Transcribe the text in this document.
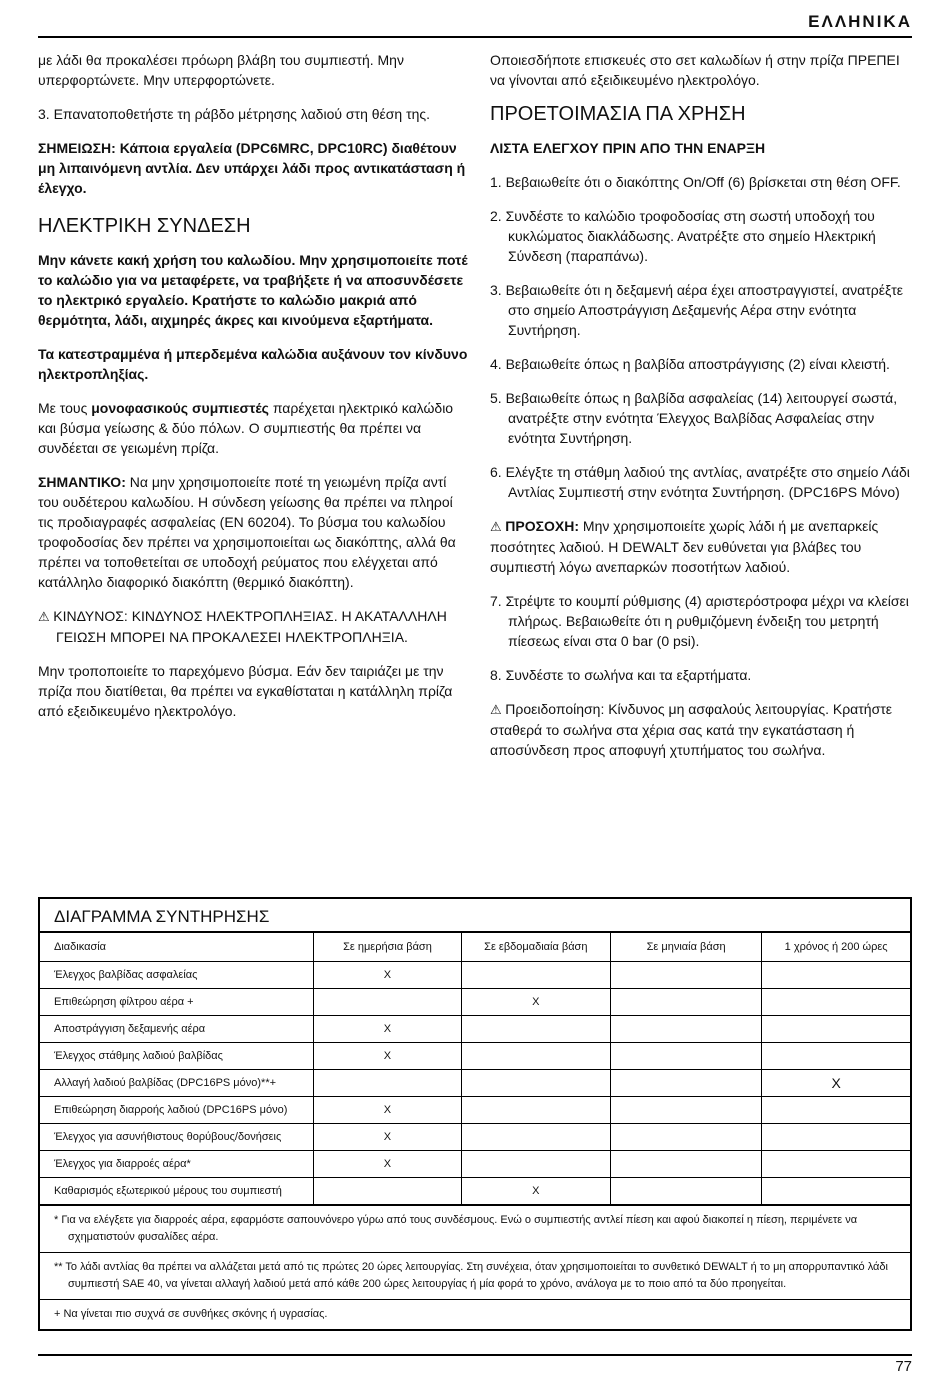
ΕΛΛΗΝΙΚΑ

με λάδι θα προκαλέσει πρόωρη βλάβη του συμπιεστή. Μην υπερφορτώνετε. Μην υπερφορτώνετε.

3. Επανατοποθετήστε τη ράβδο μέτρησης λαδιού στη θέση της.

ΣΗΜΕΙΩΣΗ: Κάποια εργαλεία (DPC6MRC, DPC10RC) διαθέτουν μη λιπαινόμενη αντλία. Δεν υπάρχει λάδι προς αντικατάσταση ή έλεγχο.

ΗΛΕΚΤΡΙΚΗ ΣΥΝΔΕΣΗ

Μην κάνετε κακή χρήση του καλωδίου. Μην χρησιμοποιείτε ποτέ το καλώδιο για να μεταφέρετε, να τραβήξετε ή να αποσυνδέσετε το ηλεκτρικό εργαλείο. Κρατήστε το καλώδιο μακριά από θερμότητα, λάδι, αιχμηρές άκρες και κινούμενα εξαρτήματα.

Τα κατεστραμμένα ή μπερδεμένα καλώδια αυξάνουν τον κίνδυνο ηλεκτροπληξίας.

Με τους μονοφασικούς συμπιεστές παρέχεται ηλεκτρικό καλώδιο και βύσμα γείωσης & δύο πόλων. Ο συμπιεστής θα πρέπει να συνδέεται σε γειωμένη πρίζα.

ΣΗΜΑΝΤΙΚΟ: Να μην χρησιμοποιείτε ποτέ τη γειωμένη πρίζα αντί του ουδέτερου καλωδίου. Η σύνδεση γείωσης θα πρέπει να πληροί τις προδιαγραφές ασφαλείας (EN 60204). Το βύσμα του καλωδίου τροφοδοσίας δεν πρέπει να χρησιμοποιείται ως διακόπτης, αλλά θα πρέπει να τοποθετείται σε υποδοχή ρεύματος που ελέγχεται από κατάλληλο διαφορικό διακόπτη (θερμικό διακόπτη).

⚠ ΚΙΝΔΥΝΟΣ: ΚΙΝΔΥΝΟΣ ΗΛΕΚΤΡΟΠΛΗΞΙΑΣ. Η ΑΚΑΤΑΛΛΗΛΗ ΓΕΙΩΣΗ ΜΠΟΡΕΙ ΝΑ ΠΡΟΚΑΛΕΣΕΙ ΗΛΕΚΤΡΟΠΛΗΞΙΑ.

Μην τροποποιείτε το παρεχόμενο βύσμα. Εάν δεν ταιριάζει με την πρίζα που διατίθεται, θα πρέπει να εγκαθίσταται η κατάλληλη πρίζα από εξειδικευμένο ηλεκτρολόγο.

Οποιεσδήποτε επισκευές στο σετ καλωδίων ή στην πρίζα ΠΡΕΠΕΙ να γίνονται από εξειδικευμένο ηλεκτρολόγο.

ΠΡΟΕΤΟΙΜΑΣΙΑ ΠΑ ΧΡΗΣΗ
ΛΙΣΤΑ ΕΛΕΓΧΟΥ ΠΡΙΝ ΑΠΟ ΤΗΝ ΕΝΑΡΞΗ

1. Βεβαιωθείτε ότι ο διακόπτης On/Off (6) βρίσκεται στη θέση OFF.

2. Συνδέστε το καλώδιο τροφοδοσίας στη σωστή υποδοχή του κυκλώματος διακλάδωσης. Ανατρέξτε στο σημείο Ηλεκτρική Σύνδεση (παραπάνω).

3. Βεβαιωθείτε ότι η δεξαμενή αέρα έχει αποστραγγιστεί, ανατρέξτε στο σημείο Αποστράγγιση Δεξαμενής Αέρα στην ενότητα Συντήρηση.

4. Βεβαιωθείτε όπως η βαλβίδα αποστράγγισης (2) είναι κλειστή.

5. Βεβαιωθείτε όπως η βαλβίδα ασφαλείας (14) λειτουργεί σωστά, ανατρέξτε στην ενότητα Έλεγχος Βαλβίδας Ασφαλείας στην ενότητα Συντήρηση.

6. Ελέγξτε τη στάθμη λαδιού της αντλίας, ανατρέξτε στο σημείο Λάδι Αντλίας Συμπιεστή στην ενότητα Συντήρηση. (DPC16PS Μόνο)

⚠ ΠΡΟΣΟΧΗ: Μην χρησιμοποιείτε χωρίς λάδι ή με ανεπαρκείς ποσότητες λαδιού. Η DEWALT δεν ευθύνεται για βλάβες του συμπιεστή λόγω ανεπαρκών ποσοτήτων λαδιού.

7. Στρέψτε το κουμπί ρύθμισης (4) αριστερόστροφα μέχρι να κλείσει πλήρως. Βεβαιωθείτε ότι η ρυθμιζόμενη ένδειξη του μετρητή πίεσεως είναι στα 0 bar (0 psi).

8. Συνδέστε το σωλήνα και τα εξαρτήματα.

⚠ Προειδοποίηση: Κίνδυνος μη ασφαλούς λειτουργίας. Κρατήστε σταθερά το σωλήνα στα χέρια σας κατά την εγκατάσταση ή αποσύνδεση προς αποφυγή χτυπήματος του σωλήνα.

ΔΙΑΓΡΑΜΜΑ ΣΥΝΤΗΡΗΣΗΣ
Διαδικασία	Σε ημερήσια βάση	Σε εβδομαδιαία βάση	Σε μηνιαία βάση	1 χρόνος ή 200 ώρες
Έλεγχος βαλβίδας ασφαλείας	X			
Επιθεώρηση φίλτρου αέρα +		X		
Αποστράγγιση δεξαμενής αέρα	X			
Έλεγχος στάθμης λαδιού βαλβίδας	X			
Αλλαγή λαδιού βαλβίδας (DPC16PS μόνο)**+				X
Επιθεώρηση διαρροής λαδιού (DPC16PS μόνο)	X			
Έλεγχος για ασυνήθιστους θορύβους/δονήσεις	X			
Έλεγχος για διαρροές αέρα*	X			
Καθαρισμός εξωτερικού μέρους του συμπιεστή		X		
* Για να ελέγξετε για διαρροές αέρα, εφαρμόστε σαπουνόνερο γύρω από τους συνδέσμους. Ενώ ο συμπιεστής αντλεί πίεση και αφού διακοπεί η πίεση, περιμένετε να σχηματιστούν φυσαλίδες αέρα.
** Το λάδι αντλίας θα πρέπει να αλλάζεται μετά από τις πρώτες 20 ώρες λειτουργίας. Στη συνέχεια, όταν χρησιμοποιείται το συνθετικό DEWALT ή το μη απορρυπαντικό λάδι συμπιεστή SAE 40, να γίνεται αλλαγή λαδιού μετά από κάθε 200 ώρες λειτουργίας ή μία φορά το χρόνο, ανάλογα με το ποιο από τα δύο προηγείται.
+ Να γίνεται πιο συχνά σε συνθήκες σκόνης ή υγρασίας.
77
